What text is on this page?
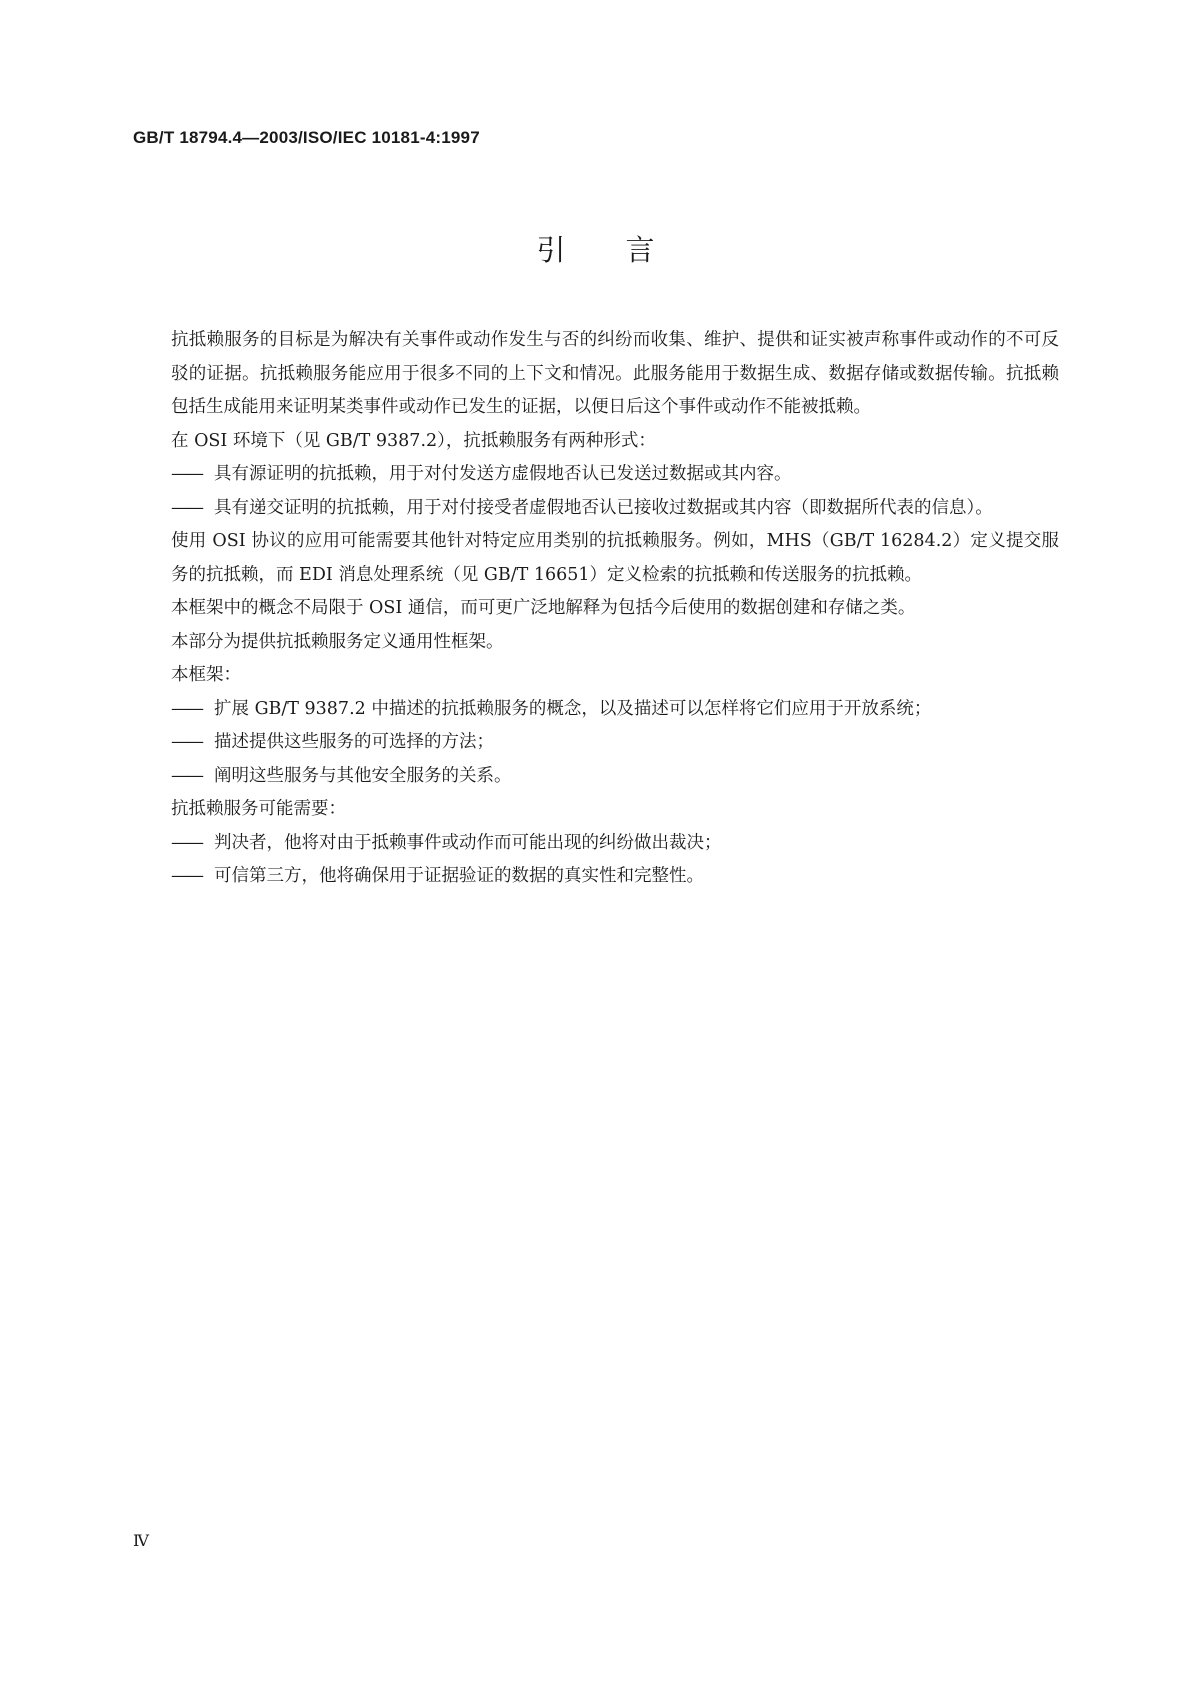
GB/T 18794.4—2003/ISO/IEC 10181-4:1997
引言

抗抵赖服务的目标是为解决有关事件或动作发生与否的纠纷而收集、维护、提供和证实被声称事件或动作的不可反驳的证据。抗抵赖服务能应用于很多不同的上下文和情况。此服务能用于数据生成、数据存储或数据传输。抗抵赖包括生成能用来证明某类事件或动作已发生的证据，以便日后这个事件或动作不能被抵赖。

在 OSI 环境下（见 GB/T 9387.2），抗抵赖服务有两种形式：

—— 具有源证明的抗抵赖，用于对付发送方虚假地否认已发送过数据或其内容。

—— 具有递交证明的抗抵赖，用于对付接受者虚假地否认已接收过数据或其内容（即数据所代表的信息）。

使用 OSI 协议的应用可能需要其他针对特定应用类别的抗抵赖服务。例如，MHS（GB/T 16284.2）定义提交服务的抗抵赖，而 EDI 消息处理系统（见 GB/T 16651）定义检索的抗抵赖和传送服务的抗抵赖。

本框架中的概念不局限于 OSI 通信，而可更广泛地解释为包括今后使用的数据创建和存储之类。

本部分为提供抗抵赖服务定义通用性框架。

本框架：

—— 扩展 GB/T 9387.2 中描述的抗抵赖服务的概念，以及描述可以怎样将它们应用于开放系统；

—— 描述提供这些服务的可选择的方法；

—— 阐明这些服务与其他安全服务的关系。

抗抵赖服务可能需要：

—— 判决者，他将对由于抵赖事件或动作而可能出现的纠纷做出裁决；

—— 可信第三方，他将确保用于证据验证的数据的真实性和完整性。

Ⅳ
